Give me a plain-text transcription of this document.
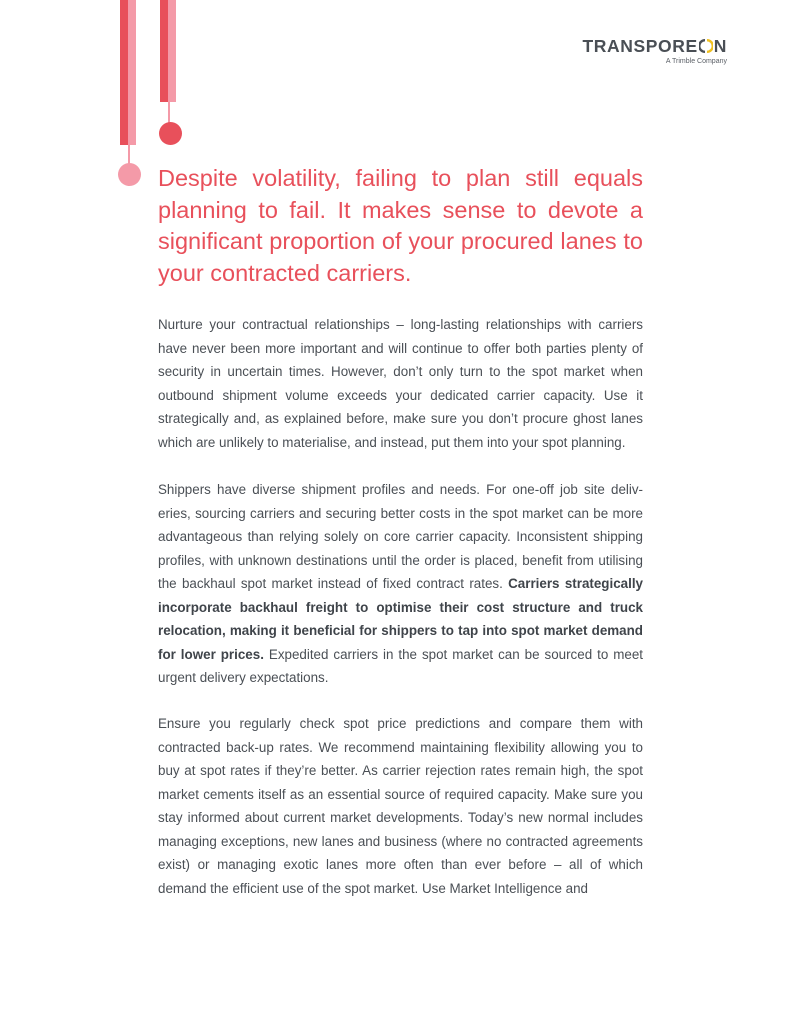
TRANSPORE N
A Trimble Company
Despite volatility, failing to plan still equals planning to fail. It makes sense to devote a significant proportion of your procured lanes to your contracted carriers.

Nurture your contractual relationships – long-lasting relationships with carriers have never been more important and will continue to offer both parties plenty of security in uncertain times. However, don’t only turn to the spot market when outbound shipment volume exceeds your dedicated carrier capacity. Use it strategically and, as explained before, make sure you don’t procure ghost lanes which are unlikely to materialise, and instead, put them into your spot planning.

Shippers have diverse shipment profiles and needs. For one-off job site deliv-eries, sourcing carriers and securing better costs in the spot market can be more advantageous than relying solely on core carrier capacity. Inconsistent shipping profiles, with unknown destinations until the order is placed, benefit from utilising the backhaul spot market instead of fixed contract rates. Carriers strategically incorporate backhaul freight to optimise their cost structure and truck relocation, making it beneficial for shippers to tap into spot market demand for lower prices. Expedited carriers in the spot market can be sourced to meet urgent delivery expectations.

Ensure you regularly check spot price predictions and compare them with contracted back-up rates. We recommend maintaining flexibility allowing you to buy at spot rates if they’re better. As carrier rejection rates remain high, the spot market cements itself as an essential source of required capacity. Make sure you stay informed about current market developments. Today’s new normal includes managing exceptions, new lanes and business (where no contracted agreements exist) or managing exotic lanes more often than ever before – all of which demand the efficient use of the spot market. Use Market Intelligence and
